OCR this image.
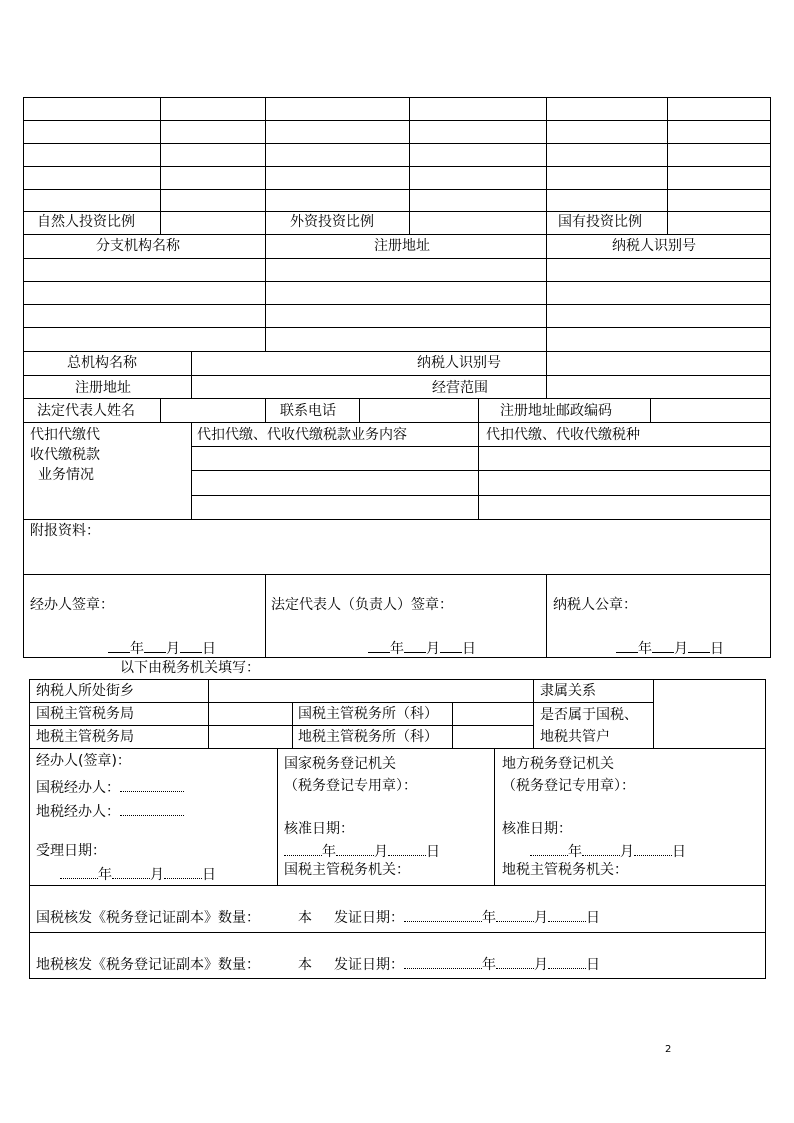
自然人投资比例	外资投资比例	国有投资比例
分支机构名称	注册地址	纳税人识别号
总机构名称	纳税人识别号
注册地址	经营范围
法定代表人姓名	联系电话	注册地址邮政编码
代扣代缴代
收代缴税款
业务情况
代扣代缴、代收代缴税款业务内容	代扣代缴、代收代缴税种
附报资料：
经办人签章：	法定代表人（负责人）签章：	纳税人公章：
年 月 日	年 月 日	年 月 日
以下由税务机关填写：
纳税人所处街乡	隶属关系
国税主管税务局	国税主管税务所（科）	是否属于国税、
地税共管户
地税主管税务局	地税主管税务所（科）
经办人(签章)：
国税经办人：
地税经办人：
受理日期：
年	月	日
国家税务登记机关
（税务登记专用章）：
核准日期：
年	月	日
国税主管税务机关：
地方税务登记机关
（税务登记专用章）：
核准日期：
年	月	日
地税主管税务机关：
国税核发《税务登记证副本》数量：	本 发证日期：	年	月	日
地税核发《税务登记证副本》数量：	本 发证日期：	年	月	日
2
